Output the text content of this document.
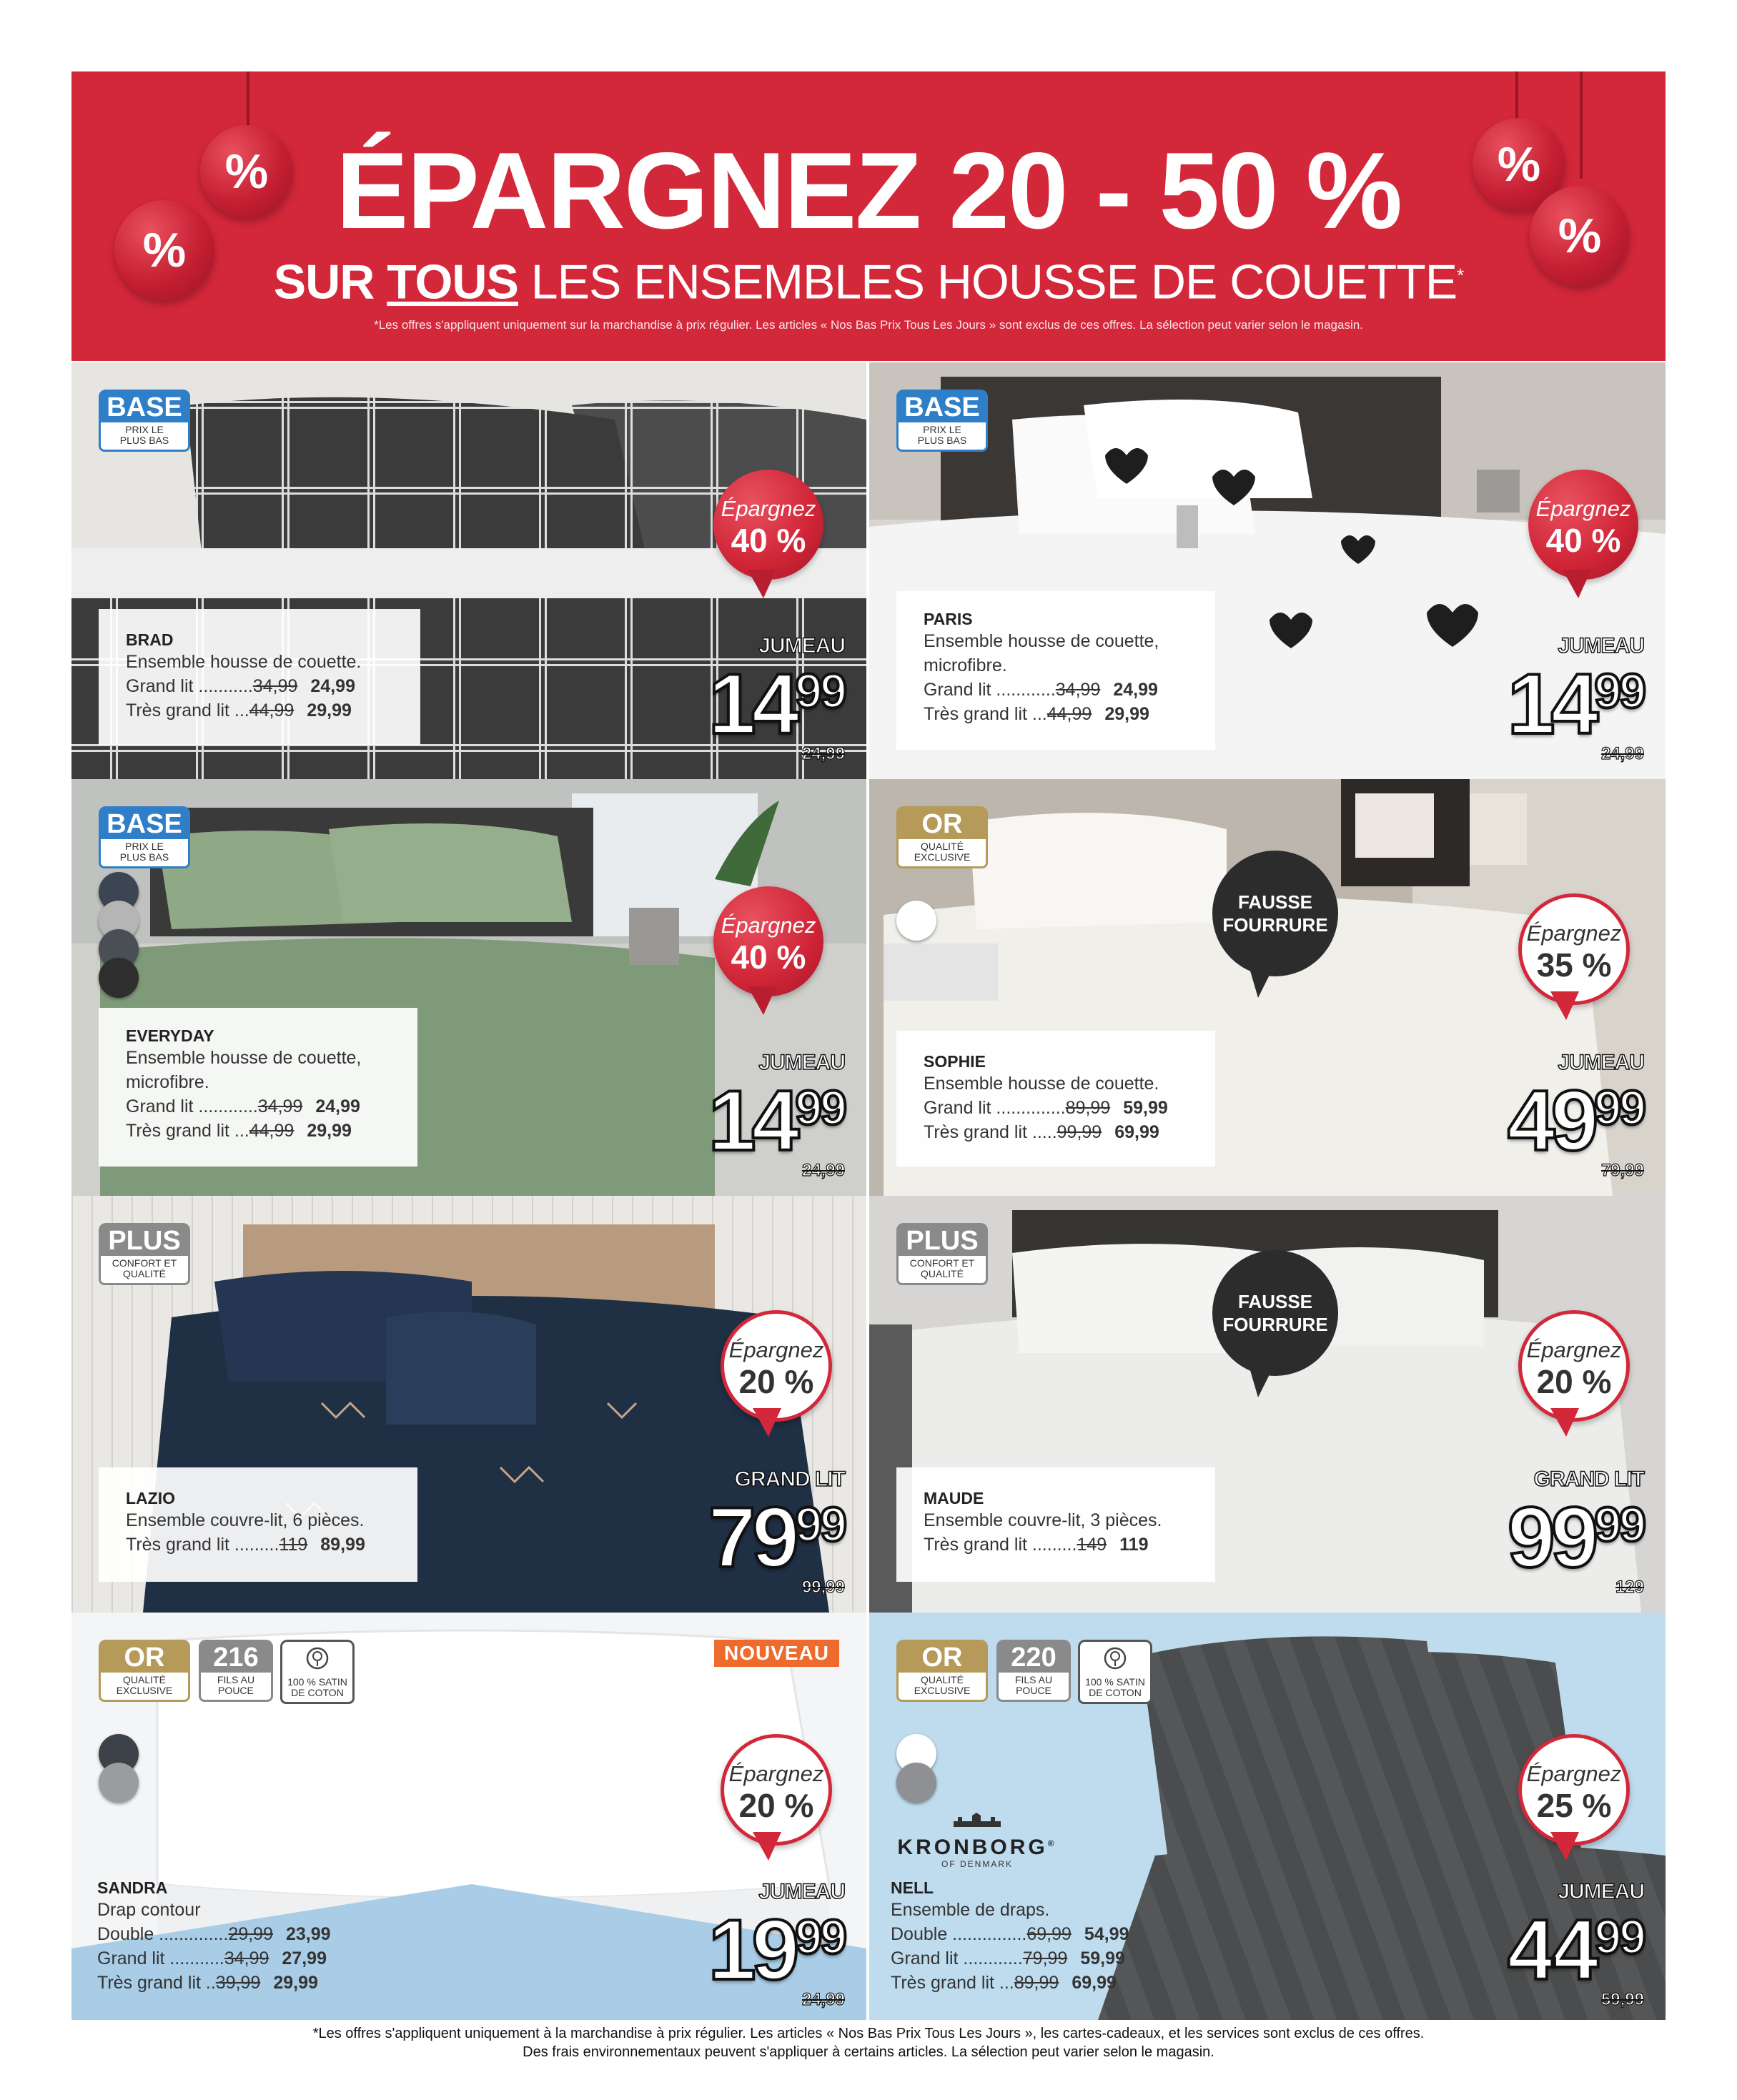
%
%
%
%
ÉPARGNEZ 20 - 50 %
SUR TOUS LES ENSEMBLES HOUSSE DE COUETTE*
*Les offres s'appliquent uniquement sur la marchandise à prix régulier. Les articles « Nos Bas Prix Tous Les Jours » sont exclus de ces offres. La sélection peut varier selon le magasin.
BASE
PRIX LE
PLUS BAS
Épargnez
40 %
BRAD
Ensemble housse de couette.
Grand lit ...........34,99 24,99
Très grand lit ...44,99 29,99
JUMEAU
1499
24,99
BASE
PRIX LE
PLUS BAS
Épargnez
40 %
PARIS
Ensemble housse de couette,
microfibre.
Grand lit ............34,99 24,99
Très grand lit ...44,99 29,99
JUMEAU
1499
24,99
BASE
PRIX LE
PLUS BAS
Épargnez
40 %
EVERYDAY
Ensemble housse de couette,
microfibre.
Grand lit ............34,99 24,99
Très grand lit ...44,99 29,99
JUMEAU
1499
24,99
OR
QUALITÉ
EXCLUSIVE
FAUSSE FOURRURE	Épargnez
35 %
SOPHIE
Ensemble housse de couette.
Grand lit ..............89,99 59,99
Très grand lit .....99,99 69,99
JUMEAU
4999
79,99
PLUS
CONFORT ET
QUALITÉ
Épargnez
20 %
LAZIO
Ensemble couvre-lit, 6 pièces.
Très grand lit .........119 89,99
GRAND LIT
7999
99,99
PLUS
CONFORT ET
QUALITÉ
FAUSSE FOURRURE
Épargnez
20 %
MAUDE
Ensemble couvre-lit, 3 pièces.
Très grand lit .........149 119
GRAND LIT
9999
129
OR
QUALITÉ
EXCLUSIVE
216
FILS AU
POUCE
100 % SATIN
DE COTON
NOUVEAU
Épargnez
20 %
SANDRA
Drap contour
Double ..............29,99 23,99
Grand lit ...........34,99 27,99
Très grand lit ..39,99 29,99
JUMEAU
1999
24,99
OR
QUALITÉ
EXCLUSIVE
220
FILS AU
POUCE
100 % SATIN
DE COTON
KRONBORG®
OF DENMARK
Épargnez
25 %
NELL
Ensemble de draps.
Double ...............69,99 54,99
Grand lit ............79,99 59,99
Très grand lit ...89,99 69,99
JUMEAU
4499
59,99
*Les offres s'appliquent uniquement à la marchandise à prix régulier. Les articles « Nos Bas Prix Tous Les Jours », les cartes-cadeaux, et les services sont exclus de ces offres.
Des frais environnementaux peuvent s'appliquer à certains articles. La sélection peut varier selon le magasin.
